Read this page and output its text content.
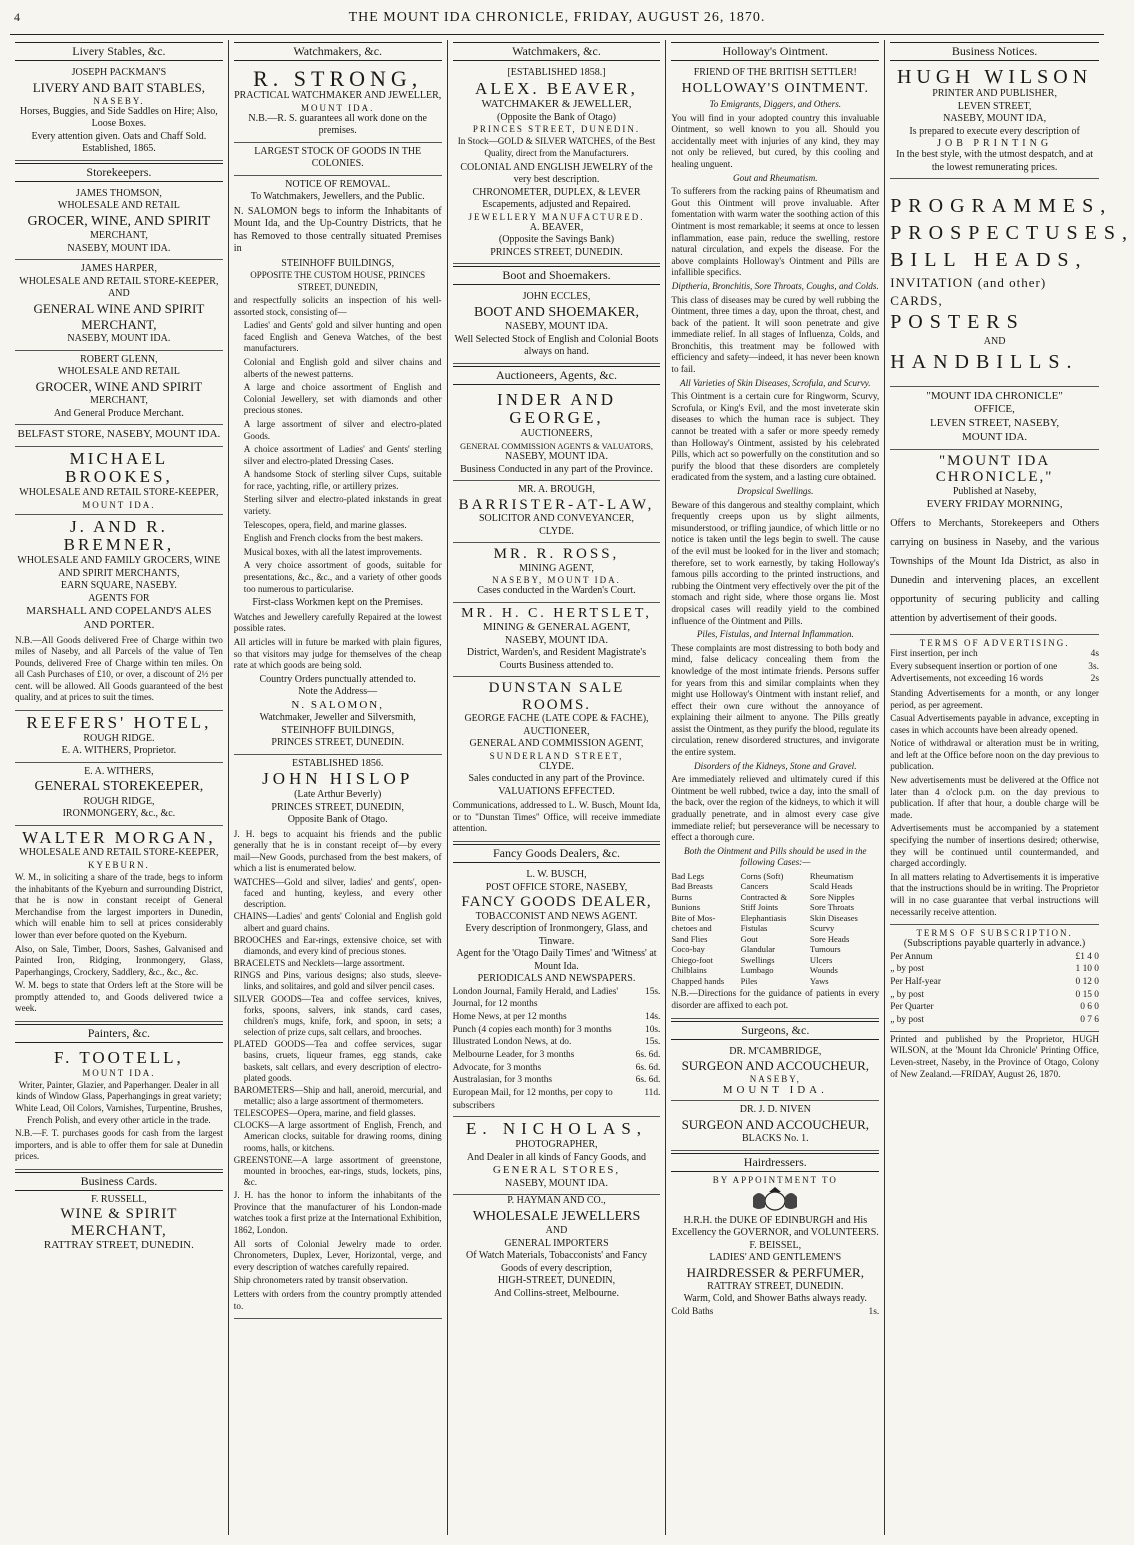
4	THE MOUNT IDA CHRONICLE, FRIDAY, AUGUST 26, 1870.
Livery Stables, &c.
JOSEPH PACKMAN'S
LIVERY AND BAIT STABLES,
NASEBY.
Horses, Buggies, and Side Saddles on Hire; Also, Loose Boxes.
Every attention given. Oats and Chaff Sold. Established, 1865.
Storekeepers.
JAMES THOMSON,
WHOLESALE AND RETAIL
GROCER, WINE, AND SPIRIT
MERCHANT,
NASEBY, MOUNT IDA.
JAMES HARPER,
WHOLESALE AND RETAIL STORE-KEEPER, AND
GENERAL WINE AND SPIRIT MERCHANT,
NASEBY, MOUNT IDA.
ROBERT GLENN,
WHOLESALE AND RETAIL
GROCER, WINE AND SPIRIT
MERCHANT,
And General Produce Merchant.
BELFAST STORE, NASEBY, MOUNT IDA.
MICHAEL BROOKES,
WHOLESALE AND RETAIL STORE-KEEPER,
MOUNT IDA.
J. AND R. BREMNER,
WHOLESALE AND FAMILY GROCERS, WINE AND SPIRIT MERCHANTS,
EARN SQUARE, NASEBY.
AGENTS FOR
MARSHALL AND COPELAND'S ALES AND PORTER.
N.B.—All Goods delivered Free of Charge within two miles of Naseby, and all Parcels of the value of Ten Pounds, delivered Free of Charge within ten miles. On all Cash Purchases of £10, or over, a discount of 2½ per cent. will be allowed. All Goods guaranteed of the best quality, and at prices to suit the times.
REEFERS' HOTEL,
ROUGH RIDGE.
E. A. WITHERS, Proprietor.
E. A. WITHERS,
GENERAL STOREKEEPER,
ROUGH RIDGE,
IRONMONGERY, &c., &c.
WALTER MORGAN,
WHOLESALE AND RETAIL STORE-KEEPER,
KYEBURN.
W. M., in soliciting a share of the trade, begs to inform the inhabitants of the Kyeburn and surrounding District, that he is now in constant receipt of General Merchandise from the largest importers in Dunedin, which will enable him to sell at prices considerably lower than ever before quoted on the Kyeburn.
Also, on Sale, Timber, Doors, Sashes, Galvanised and Painted Iron, Ridging, Ironmongery, Glass, Paperhangings, Crockery, Saddlery, &c., &c., &c.
W. M. begs to state that Orders left at the Store will be promptly attended to, and Goods delivered twice a week.
Painters, &c.
F. TOOTELL,
MOUNT IDA.
Writer, Painter, Glazier, and Paperhanger. Dealer in all kinds of Window Glass, Paperhangings in great variety; White Lead, Oil Colors, Varnishes, Turpentine, Brushes, French Polish, and every other article in the trade.
N.B.—F. T. purchases goods for cash from the largest importers, and is able to offer them for sale at Dunedin prices.
Business Cards.
F. RUSSELL,
WINE & SPIRIT MERCHANT,
RATTRAY STREET, DUNEDIN.
Watchmakers, &c.
R. STRONG,
PRACTICAL WATCHMAKER AND JEWELLER,
MOUNT IDA.
N.B.—R. S. guarantees all work done on the premises.
LARGEST STOCK OF GOODS IN THE COLONIES.
NOTICE OF REMOVAL.
To Watchmakers, Jewellers, and the Public.
N. SALOMON begs to inform the Inhabitants of Mount Ida, and the Up-Country Districts, that he has Removed to those centrally situated Premises in
STEINHOFF BUILDINGS,
OPPOSITE THE CUSTOM HOUSE, PRINCES STREET, DUNEDIN,
and respectfully solicits an inspection of his well-assorted stock, consisting of—
Ladies' and Gents' gold and silver hunting and open faced English and Geneva Watches, of the best manufacturers.
Colonial and English gold and silver chains and alberts of the newest patterns.
A large and choice assortment of English and Colonial Jewellery, set with diamonds and other precious stones.
A large assortment of silver and electro-plated Goods.
A choice assortment of Ladies' and Gents' sterling silver and electro-plated Dressing Cases.
A handsome Stock of sterling silver Cups, suitable for race, yachting, rifle, or artillery prizes.
Sterling silver and electro-plated inkstands in great variety.
Telescopes, opera, field, and marine glasses.
English and French clocks from the best makers.
Musical boxes, with all the latest improvements.
A very choice assortment of goods, suitable for presentations, &c., &c., and a variety of other goods too numerous to particularise.
First-class Workmen kept on the Premises.
Watches and Jewellery carefully Repaired at the lowest possible rates.
All articles will in future be marked with plain figures, so that visitors may judge for themselves of the cheap rate at which goods are being sold.
Country Orders punctually attended to.
Note the Address—
N. SALOMON,
Watchmaker, Jeweller and Silversmith,
STEINHOFF BUILDINGS,
PRINCES STREET, DUNEDIN.
ESTABLISHED 1856.
JOHN HISLOP
(Late Arthur Beverly)
PRINCES STREET, DUNEDIN,
Opposite Bank of Otago.
J. H. begs to acquaint his friends and the public generally that he is in constant receipt of—by every mail—New Goods, purchased from the best makers, of which a list is enumerated below.
WATCHES—Gold and silver, ladies' and gents', open-faced and hunting, keyless, and every other description.
CHAINS—Ladies' and gents' Colonial and English gold albert and guard chains.
BROOCHES and Ear-rings, extensive choice, set with diamonds, and every kind of precious stones.
BRACELETS and Necklets—large assortment.
RINGS and Pins, various designs; also studs, sleeve-links, and solitaires, and gold and silver pencil cases.
SILVER GOODS—Tea and coffee services, knives, forks, spoons, salvers, ink stands, card cases, children's mugs, knife, fork, and spoon, in sets; a selection of prize cups, salt cellars, and brooches.
PLATED GOODS—Tea and coffee services, sugar basins, cruets, liqueur frames, egg stands, cake baskets, salt cellars, and every description of electro-plated goods.
BAROMETERS—Ship and hall, aneroid, mercurial, and metallic; also a large assortment of thermometers.
TELESCOPES—Opera, marine, and field glasses.
CLOCKS—A large assortment of English, French, and American clocks, suitable for drawing rooms, dining rooms, halls, or kitchens.
GREENSTONE—A large assortment of greenstone, mounted in brooches, ear-rings, studs, lockets, pins, &c.
J. H. has the honor to inform the inhabitants of the Province that the manufacturer of his London-made watches took a first prize at the International Exhibition, 1862, London.
All sorts of Colonial Jewelry made to order. Chronometers, Duplex, Lever, Horizontal, verge, and every description of watches carefully repaired.
Ship chronometers rated by transit observation.
Letters with orders from the country promptly attended to.
Watchmakers, &c.
[ESTABLISHED 1858.]
ALEX. BEAVER,
WATCHMAKER & JEWELLER,
(Opposite the Bank of Otago)
PRINCES STREET, DUNEDIN.
In Stock—GOLD & SILVER WATCHES, of the Best Quality, direct from the Manufacturers.
COLONIAL AND ENGLISH JEWELRY of the very best description.
CHRONOMETER, DUPLEX, & LEVER Escapements, adjusted and Repaired.
JEWELLERY MANUFACTURED.
A. BEAVER,
(Opposite the Savings Bank)
PRINCES STREET, DUNEDIN.
Boot and Shoemakers.
JOHN ECCLES,
BOOT AND SHOEMAKER,
NASEBY, MOUNT IDA.
Well Selected Stock of English and Colonial Boots always on hand.
Auctioneers, Agents, &c.
INDER AND GEORGE,
AUCTIONEERS,
GENERAL COMMISSION AGENTS & VALUATORS,
NASEBY, MOUNT IDA.
Business Conducted in any part of the Province.
MR. A. BROUGH,
BARRISTER-AT-LAW,
SOLICITOR AND CONVEYANCER,
CLYDE.
MR. R. ROSS,
MINING AGENT,
NASEBY, MOUNT IDA.
Cases conducted in the Warden's Court.
MR. H. C. HERTSLET,
MINING & GENERAL AGENT,
NASEBY, MOUNT IDA.
District, Warden's, and Resident Magistrate's Courts Business attended to.
DUNSTAN SALE ROOMS.
GEORGE FACHE (LATE COPE & FACHE),
AUCTIONEER,
GENERAL AND COMMISSION AGENT,
SUNDERLAND STREET,
CLYDE.
Sales conducted in any part of the Province.
VALUATIONS EFFECTED.
Communications, addressed to L. W. Busch, Mount Ida, or to "Dunstan Times" Office, will receive immediate attention.
Fancy Goods Dealers, &c.
L. W. BUSCH,
POST OFFICE STORE, NASEBY,
FANCY GOODS DEALER,
TOBACCONIST AND NEWS AGENT.
Every description of Ironmongery, Glass, and Tinware.
Agent for the 'Otago Daily Times' and 'Witness' at Mount Ida.
PERIODICALS AND NEWSPAPERS.
London Journal, Family Herald, and Ladies' Journal, for 12 months
15s.
Home News, at per 12 months	14s.
Punch (4 copies each month) for 3 months	10s.
Illustrated London News, at do.	15s.
Melbourne Leader, for 3 months	6s. 6d.
Advocate, for 3 months	6s. 6d.
Australasian, for 3 months	6s. 6d.
European Mail, for 12 months, per copy to subscribers
11d.
E. NICHOLAS,
PHOTOGRAPHER,
And Dealer in all kinds of Fancy Goods, and
GENERAL STORES,
NASEBY, MOUNT IDA.
P. HAYMAN AND CO.,
WHOLESALE JEWELLERS
AND
GENERAL IMPORTERS
Of Watch Materials, Tobacconists' and Fancy Goods of every description,
HIGH-STREET, DUNEDIN,
And Collins-street, Melbourne.
Holloway's Ointment.
FRIEND OF THE BRITISH SETTLER!
HOLLOWAY'S OINTMENT.
To Emigrants, Diggers, and Others.
You will find in your adopted country this invaluable Ointment, so well known to you all. Should you accidentally meet with injuries of any kind, they may not only be relieved, but cured, by this cooling and healing unguent.
Gout and Rheumatism.
To sufferers from the racking pains of Rheumatism and Gout this Ointment will prove invaluable. After fomentation with warm water the soothing action of this Ointment is most remarkable; it seems at once to lessen inflammation, ease pain, reduce the swelling, restore natural circulation, and expels the disease. For the above complaints Holloway's Ointment and Pills are infallible specifics.
Diptheria, Bronchitis, Sore Throats, Coughs, and Colds.
This class of diseases may be cured by well rubbing the Ointment, three times a day, upon the throat, chest, and back of the patient. It will soon penetrate and give immediate relief. In all stages of Influenza, Colds, and Bronchitis, this treatment may be followed with efficiency and safety—indeed, it has never been known to fail.
All Varieties of Skin Diseases, Scrofula, and Scurvy.
This Ointment is a certain cure for Ringworm, Scurvy, Scrofula, or King's Evil, and the most inveterate skin diseases to which the human race is subject. They cannot be treated with a safer or more speedy remedy than Holloway's Ointment, assisted by his celebrated Pills, which act so powerfully on the constitution and so purify the blood that these disorders are completely eradicated from the system, and a lasting cure obtained.
Dropsical Swellings.
Beware of this dangerous and stealthy complaint, which frequently creeps upon us by slight ailments, misunderstood, or trifling jaundice, of which little or no notice is taken until the legs begin to swell. The cause of the evil must be looked for in the liver and stomach; therefore, set to work earnestly, by taking Holloway's famous pills according to the printed instructions, and rubbing the Ointment very effectively over the pit of the stomach and right side, where those organs lie. Most dropsical cases will readily yield to the combined influence of the Ointment and Pills.
Piles, Fistulas, and Internal Inflammation.
These complaints are most distressing to both body and mind, false delicacy concealing them from the knowledge of the most intimate friends. Persons suffer for years from this and similar complaints when they might use Holloway's Ointment with instant relief, and effect their own cure without the annoyance of explaining their ailment to anyone. The Pills greatly assist the Ointment, as they purify the blood, regulate its circulation, renew disordered structures, and invigorate the entire system.
Disorders of the Kidneys, Stone and Gravel.
Are immediately relieved and ultimately cured if this Ointment be well rubbed, twice a day, into the small of the back, over the region of the kidneys, to which it will gradually penetrate, and in almost every case give immediate relief; but perseverance will be necessary to effect a thorough cure.
Both the Ointment and Pills should be used in the following Cases:—
Bad Legs	Corns (Soft)	Rheumatism
Bad Breasts	Cancers	Scald Heads
Burns	Contracted &	Sore Nipples
Bunions	Stiff Joints	Sore Throats
Bite of Mos-	Elephantiasis	Skin Diseases
chetoes and	Fistulas	Scurvy
Sand Flies	Gout	Sore Heads
Coco-bay	Glandular	Tumours
Chiego-foot	Swellings	Ulcers
Chilblains	Lumbago	Wounds
Chapped hands	Piles	Yaws
N.B.—Directions for the guidance of patients in every disorder are affixed to each pot.
Surgeons, &c.
DR. M'CAMBRIDGE,
SURGEON AND ACCOUCHEUR,
NASEBY,
MOUNT IDA.
DR. J. D. NIVEN
SURGEON AND ACCOUCHEUR,
BLACKS No. 1.
Hairdressers.
BY APPOINTMENT TO
H.R.H. the DUKE OF EDINBURGH and His Excellency the GOVERNOR, and VOLUNTEERS.
F. BEISSEL,
LADIES' AND GENTLEMEN'S
HAIRDRESSER & PERFUMER,
RATTRAY STREET, DUNEDIN.
Warm, Cold, and Shower Baths always ready.
Cold Baths	1s.
Business Notices.
HUGH WILSON
PRINTER AND PUBLISHER,
LEVEN STREET,
NASEBY, MOUNT IDA,
Is prepared to execute every description of
JOB PRINTING
In the best style, with the utmost despatch, and at the lowest remunerating prices.
PROGRAMMES,
PROSPECTUSES,
BILL HEADS,
INVITATION (and other) CARDS,
POSTERS
AND
HANDBILLS.
"MOUNT IDA CHRONICLE"
OFFICE,
LEVEN STREET, NASEBY,
MOUNT IDA.
"MOUNT IDA CHRONICLE,"
Published at Naseby,
EVERY FRIDAY MORNING,
Offers to Merchants, Storekeepers and Others carrying on business in Naseby, and the various Townships of the Mount Ida District, as also in Dunedin and intervening places, an excellent opportunity of securing publicity and calling attention by advertisement of their goods.
TERMS OF ADVERTISING.
First insertion, per inch	4s
Every subsequent insertion or portion of one	3s.
Advertisements, not exceeding 16 words	2s
Standing Advertisements for a month, or any longer period, as per agreement.
Casual Advertisements payable in advance, excepting in cases in which accounts have been already opened.
Notice of withdrawal or alteration must be in writing, and left at the Office before noon on the day previous to publication.
New advertisements must be delivered at the Office not later than 4 o'clock p.m. on the day previous to publication. If after that hour, a double charge will be made.
Advertisements must be accompanied by a statement specifying the number of insertions desired; otherwise, they will be continued until countermanded, and charged accordingly.
In all matters relating to Advertisements it is imperative that the instructions should be in writing. The Proprietor will in no case guarantee that verbal instructions will necessarily receive attention.
TERMS OF SUBSCRIPTION.
(Subscriptions payable quarterly in advance.)
Per Annum	£1 4 0
„ by post	1 10 0
Per Half-year	0 12 0
„ by post	0 15 0
Per Quarter	0 6 0
„ by post	0 7 6
Printed and published by the Proprietor, HUGH WILSON, at the 'Mount Ida Chronicle' Printing Office, Leven-street, Naseby, in the Province of Otago, Colony of New Zealand.—FRIDAY, August 26, 1870.
